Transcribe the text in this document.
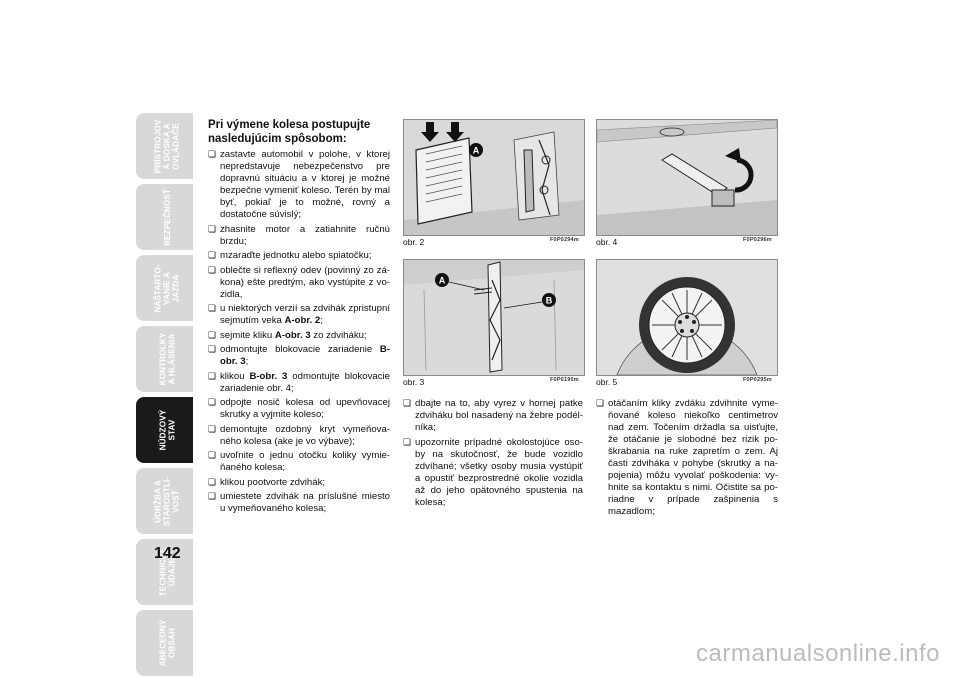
PRÍSTROJOV
Á DOSKA A
OVLÁDAČE
BEZPEČNOSŤ
NAŠTARTO-
VANIE A
JAZDA
KONTROLKY
A HLÁSENIA
NÚDZOVÝ
STAV
ÚDRŽBA A
STAROSTLI-
VOSŤ
TECHNICKÉ
ÚDAJE
ABECEDNÝ
OBSAH
142
Pri výmene kolesa postupujte nasledujúcim spôsobom:
❏ zastavte automobil v polohe, v ktorej nepredstavuje nebezpečenstvo pre dopravnú situáciu a v ktorej je možné bezpečne vymeniť koleso. Terén by mal byť, pokiaľ je to možné, rovný a dostatočne súvislý;
❏ zhasnite motor a zatiahnite ručnú brzdu;
❏ mzaraďte jednotku alebo spiatočku;
❏ oblečte si reflexný odev (povinný zo zákona) ešte predtým, ako vystúpite z vozidla,
❏ u niektorých verzií sa zdvihák zpristupní sejmutím veka A-obr. 2;
❏ sejmite kliku A-obr. 3 zo zdviháku;
❏ odmontujte blokovacie zariadenie B-obr. 3;
❏ klikou B-obr. 3 odmontujte blokovacie zariadenie obr. 4;
❏ odpojte nosič kolesa od upevňovacej skrutky a vyjmite koleso;
❏ demontujte ozdobný kryt vymeňovaného kolesa (ake je vo výbave);
❏ uvoľnite o jednu otočku koliky vymieňaného kolesa;
❏ klikou pootvorte zdvihák;
❏ umiestete zdvihák na príslušné miesto u vymeňovaného kolesa;
A
obr. 2	F0P0294m
A
B
obr. 3	F0P0190m
obr. 4	F0P0296m
obr. 5	F0P0295m
❏ dbajte na to, aby vyrez v hornej patke zdviháku bol nasadený na žebre podélníka;
❏ upozornite prípadné okolostojúce osoby na skutočnosť, že bude vozidlo zdvíhané; všetky osoby musia vystúpiť a opustiť bezprostredné okolie vozidla až do jeho opätovného spustenia na kolesa;
❏ otáčaním kliky zvdáku zdvihnite vymeňované koleso niekoľko centimetrov nad zem. Točením držadla sa uisťujte, že otáčanie je slobodné bez rizik poškrabania na ruke zapretím o zem. Aj časti zdviháka v pohybe (skrutky a napojenia) môžu vyvolať poškodenia: vyhnite sa kontaktu s nimi. Očistite sa poriadne v prípade zašpinenia s mazadlom;
carmanualsonline.info
